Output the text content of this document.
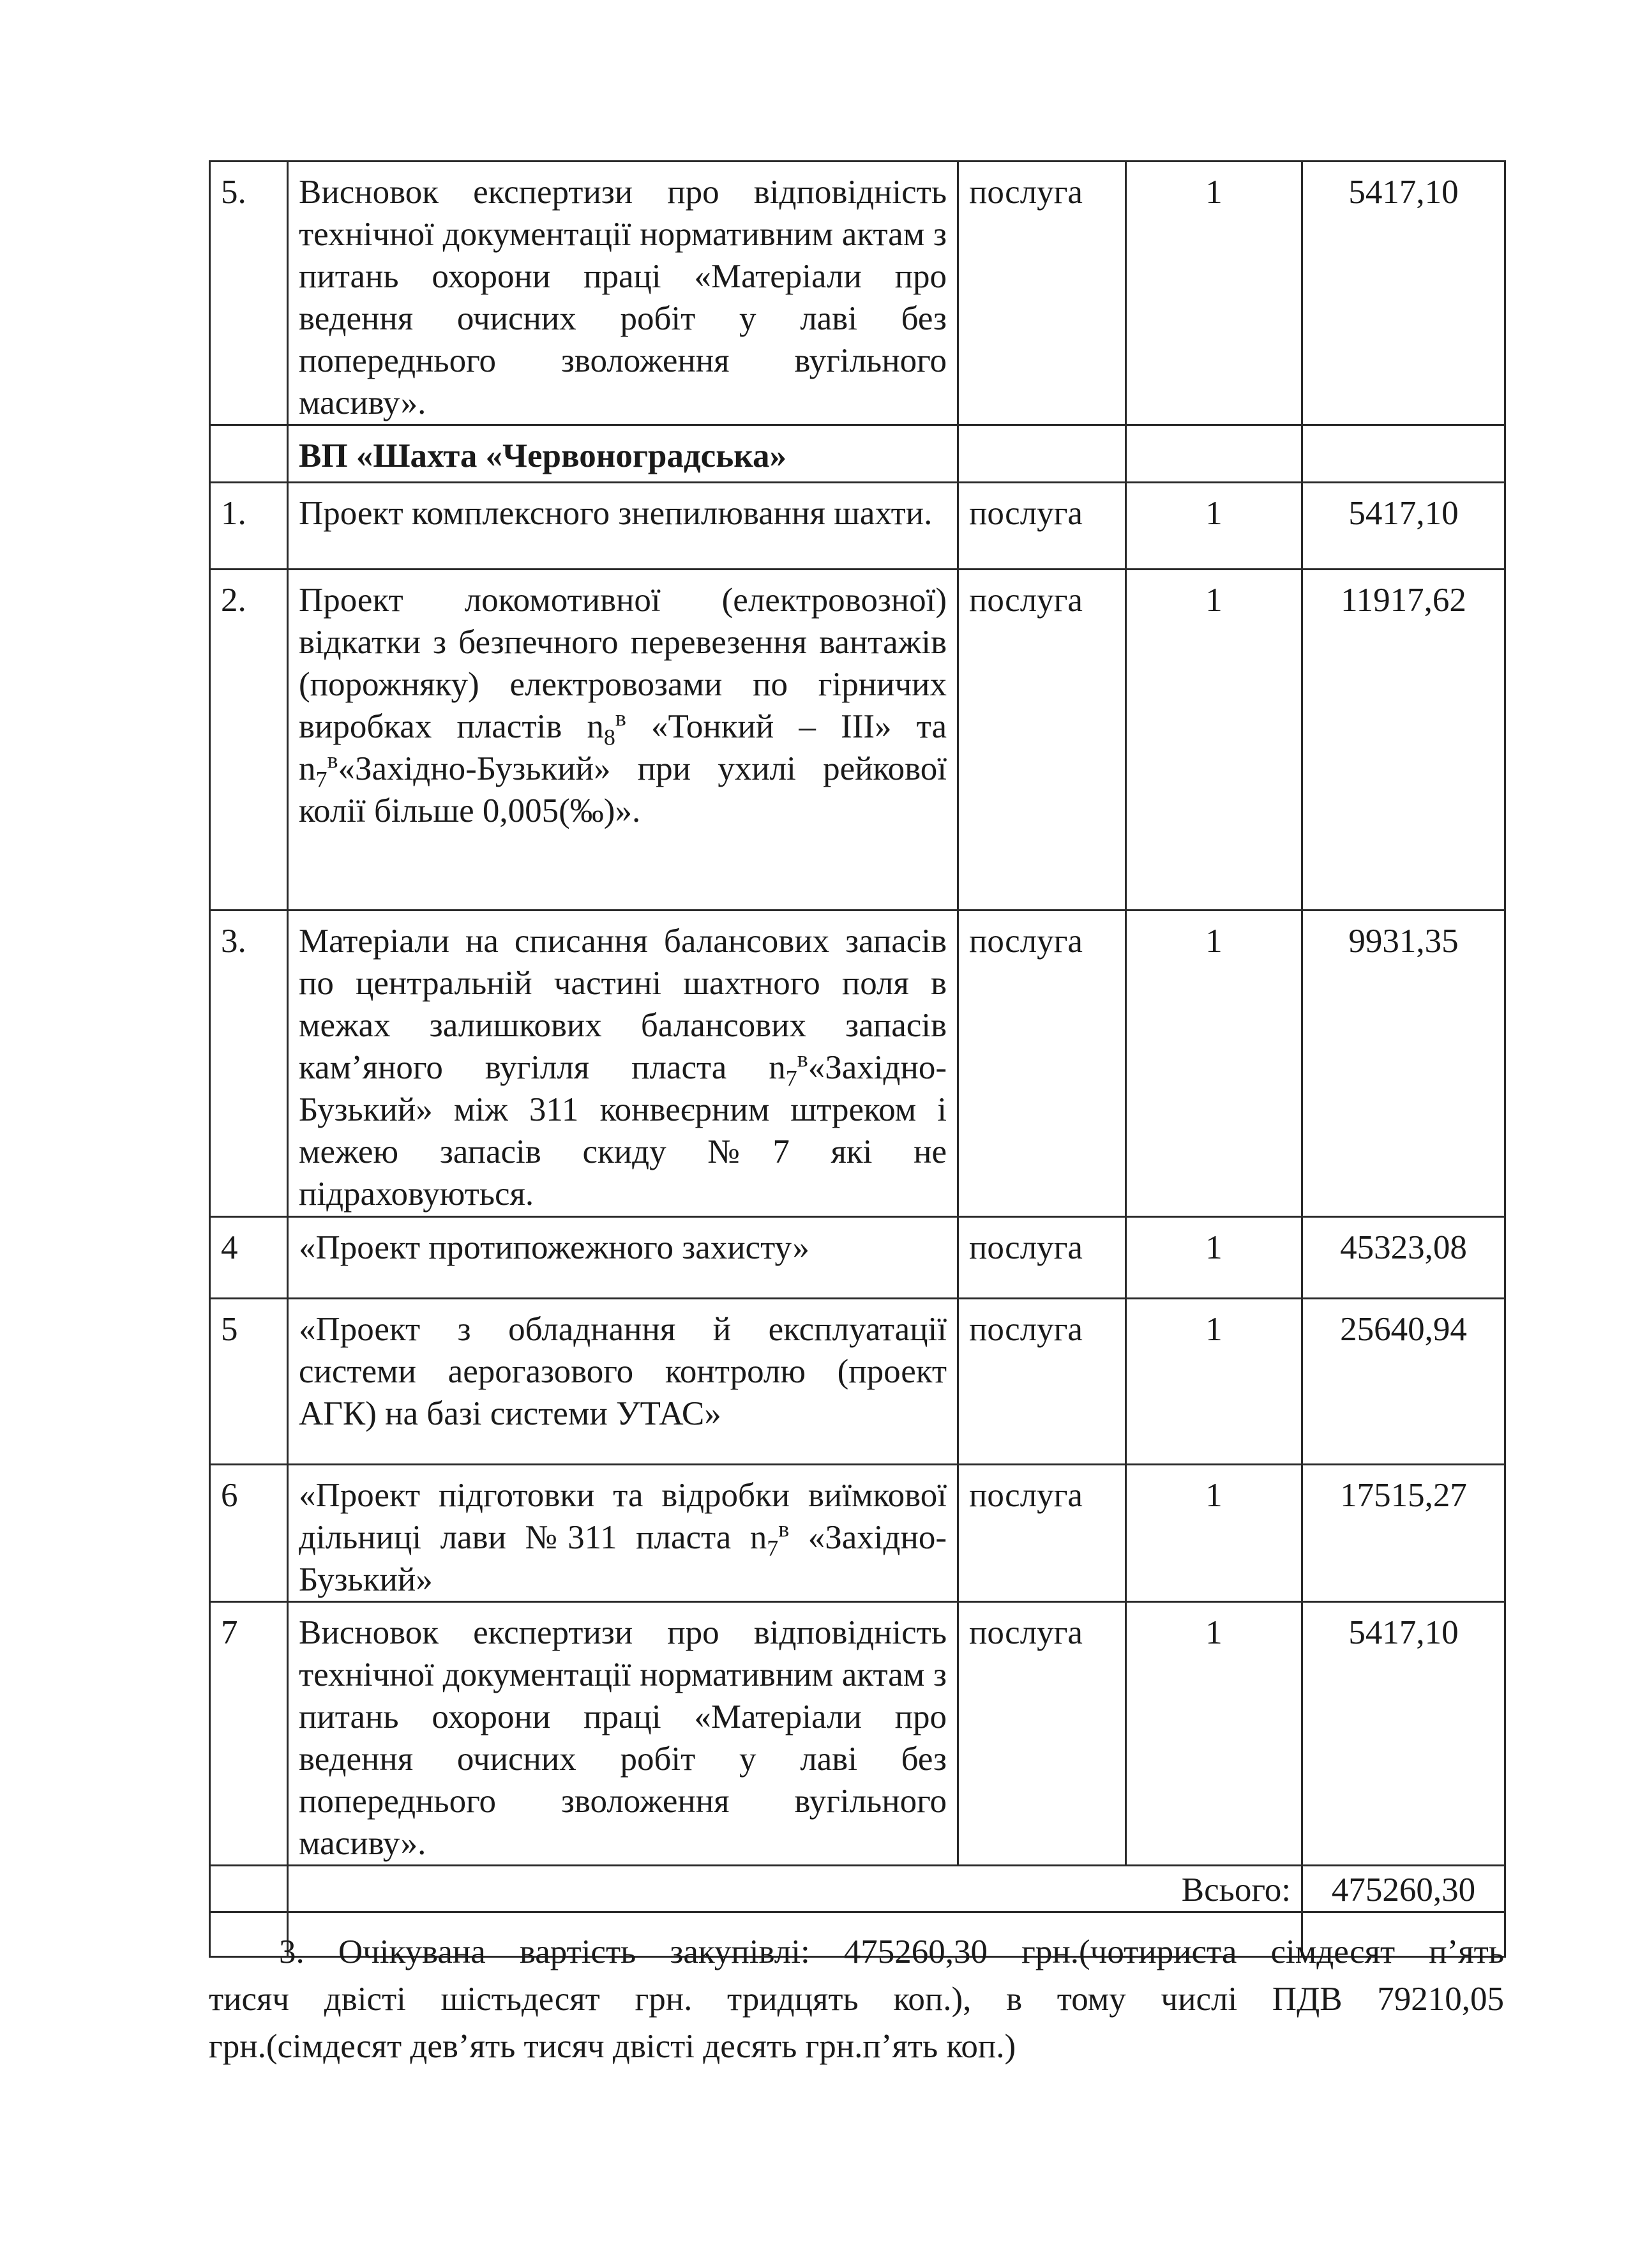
5.	Висновок експертизи про відповідність технічної документації нормативним актам з питань охорони праці «Матеріали про ведення очисних робіт у лаві без попереднього зволоження вугільного масиву».	послуга	1	5417,10
	ВП «Шахта «Червоноградська»			
1.	Проект комплексного знепилювання шахти.	послуга	1	5417,10
2.	Проект локомотивної (електровозної) відкатки з безпечного перевезення вантажів (порожняку) електровозами по гірничих виробках пластів $n_8^в$ «Тонкий – ІІІ» та $n_7^в«Західно$-Бузький» при ухилі рейкової колії більше 0,005(‰)».	послуга	1	11917,62
3.	Матеріали на списання балансових запасів по центральній частині шахтного поля в межах залишкових балансових запасів кам’яного вугілля пласта $n_7^в«Західно$-Бузький» між 311 конвеєрним штреком і межею запасів скиду №7 які не підраховуються.	послуга	1	9931,35
4	«Проект протипожежного захисту»	послуга	1	45323,08
5	«Проект з обладнання й експлуатації системи аерогазового контролю (проект АГК) на базі системи УТАС»	послуга	1	25640,94
6	«Проект підготовки та відробки виїмкової дільниці лави №311 пласта $n_7^в$ «Західно-Бузький»	послуга	1	17515,27
7	Висновок експертизи про відповідність технічної документації нормативним актам з питань охорони праці «Матеріали про ведення очисних робіт у лаві без попереднього зволоження вугільного масиву».	послуга	1	5417,10
	Всього:			475260,30

3. Очікувана вартість закупівлі: 475260,30 грн.(чотириста сімдесят п’ять
тисяч двісті шістьдесят грн. тридцять коп.), в тому числі ПДВ 79210,05
грн.(сімдесят дев’ять тисяч двісті десять грн.п’ять коп.)
